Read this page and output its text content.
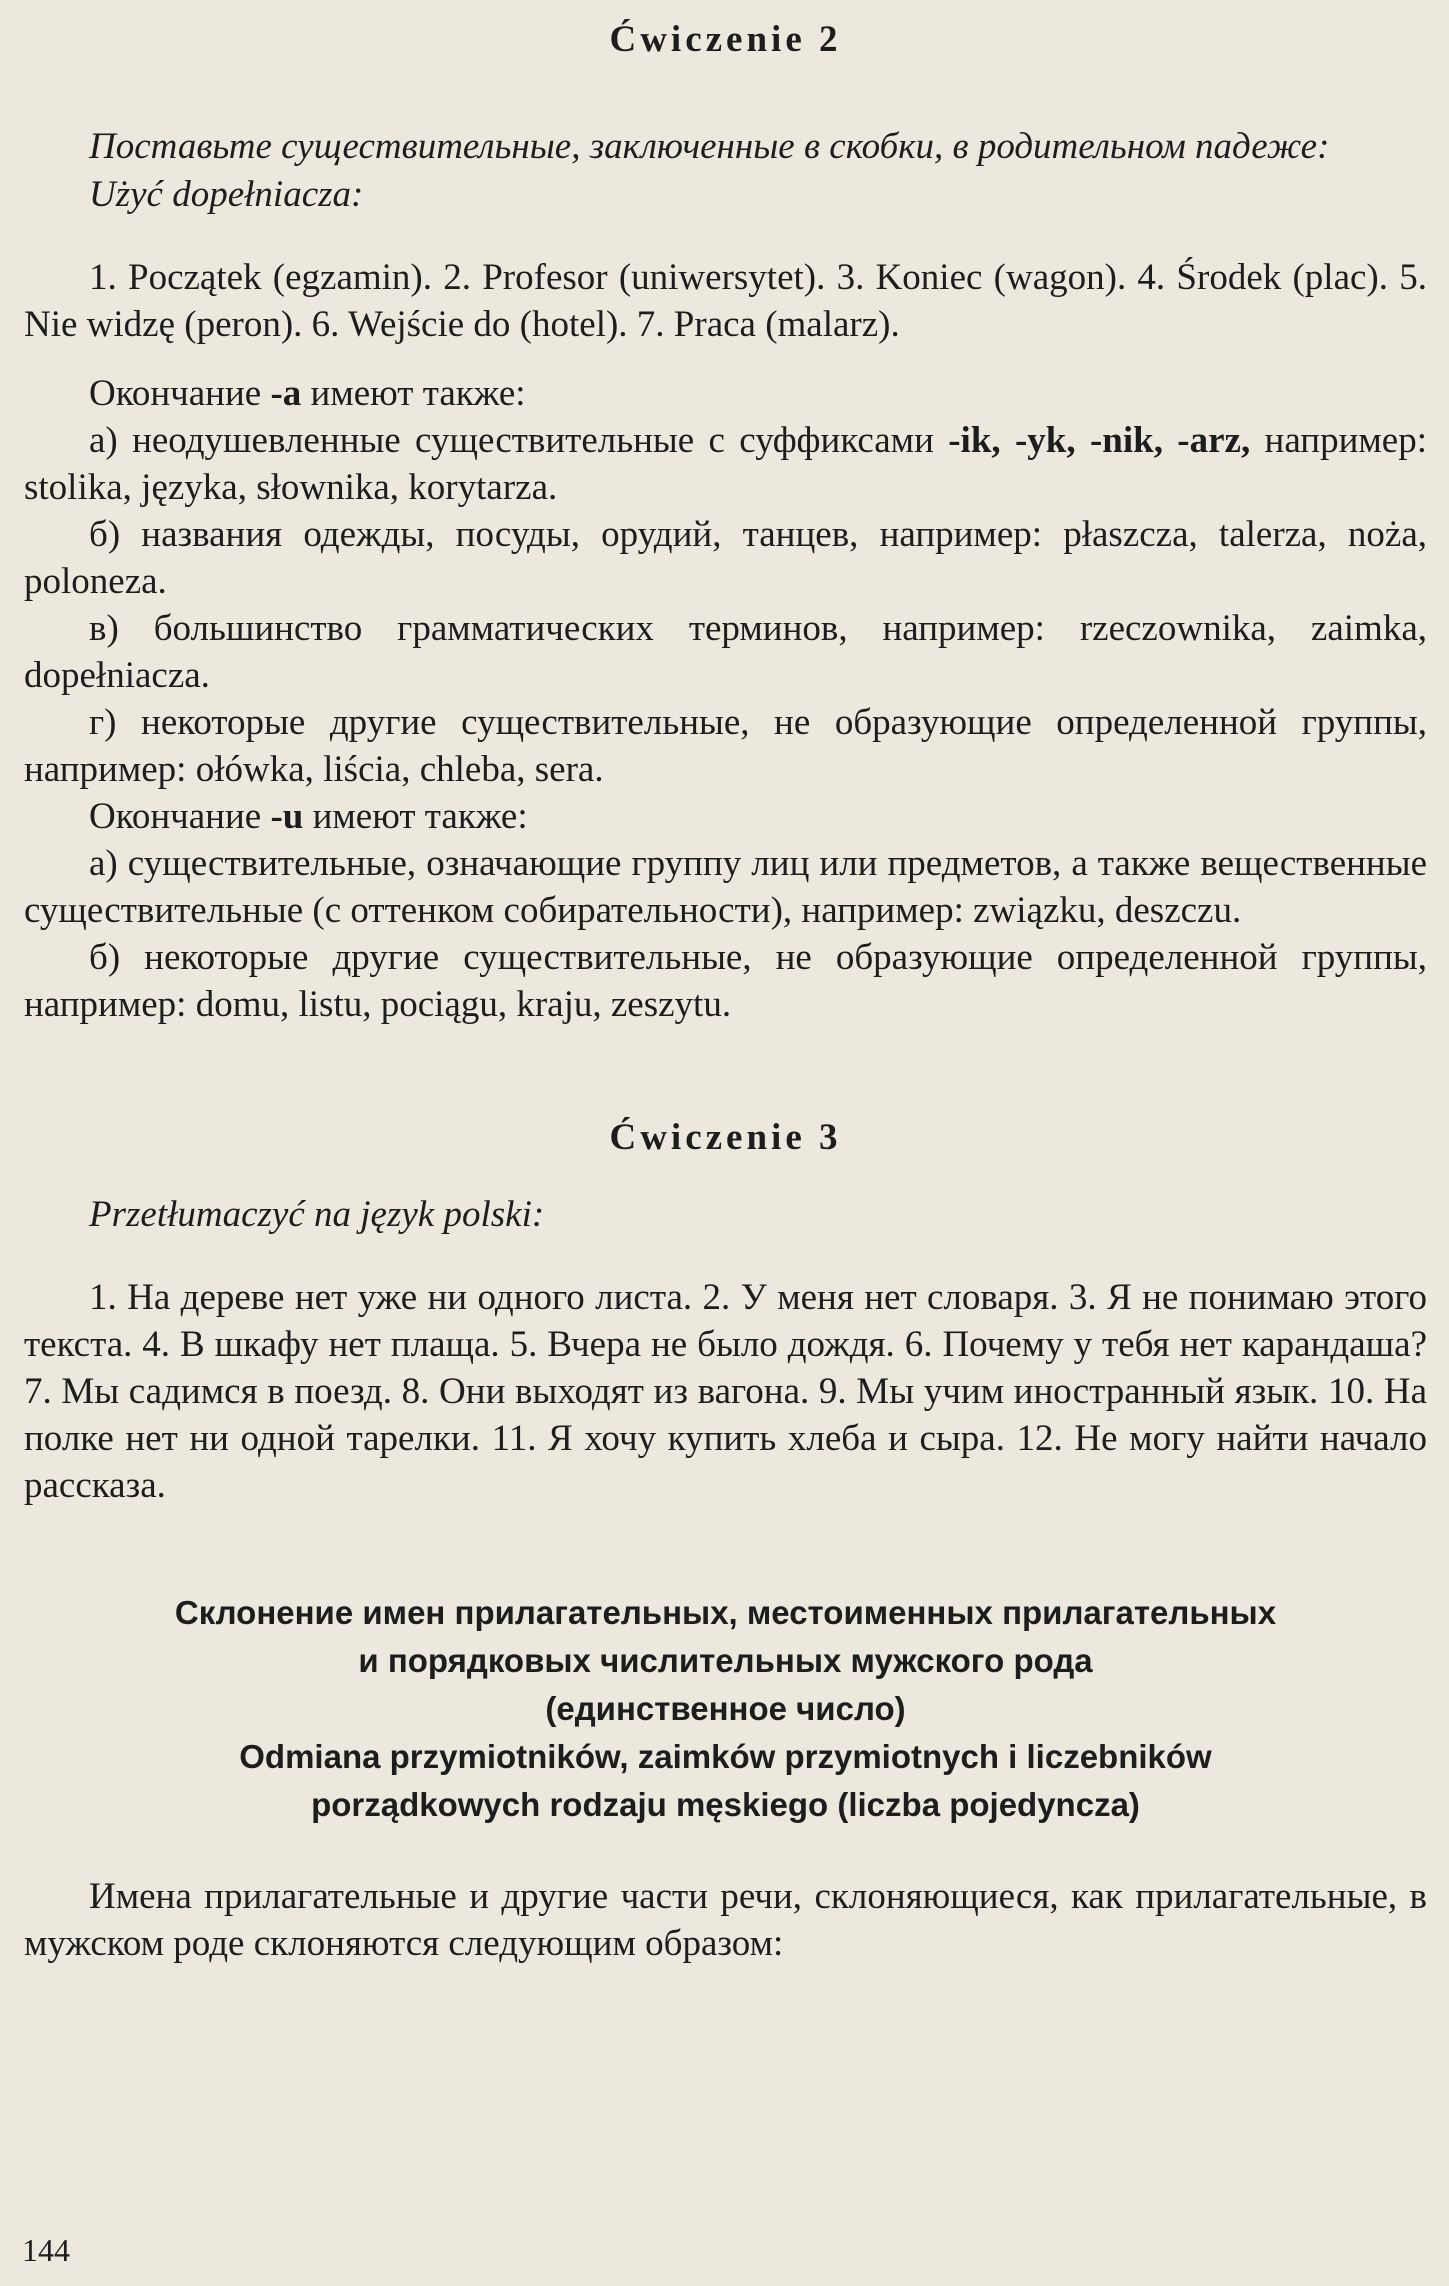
Ćwiczenie 2

Поставьте существительные, заключенные в скобки, в родительном падеже:

Użyć dopełniacza:

1. Początek (egzamin). 2. Profesor (uniwersytet). 3. Koniec (wagon). 4. Środek (plac). 5. Nie widzę (peron). 6. Wejście do (hotel). 7. Praca (malarz).

Окончание -a имеют также:

а) неодушевленные существительные с суффиксами -ik, -yk, -nik, -arz, например: stolika, języka, słownika, korytarza.

б) названия одежды, посуды, орудий, танцев, например: płaszcza, talerza, noża, poloneza.

в) большинство грамматических терминов, например: rzeczownika, zaimka, dopełniacza.

г) некоторые другие существительные, не образующие определенной группы, например: ołówka, liścia, chleba, sera.

Окончание -u имеют также:

а) существительные, означающие группу лиц или предметов, а также вещественные существительные (с оттенком собирательности), например: związku, deszczu.

б) некоторые другие существительные, не образующие определенной группы, например: domu, listu, pociągu, kraju, zeszytu.

Ćwiczenie 3

Przetłumaczyć na język polski:

1. На дереве нет уже ни одного листа. 2. У меня нет словаря. 3. Я не понимаю этого текста. 4. В шкафу нет плаща. 5. Вчера не было дождя. 6. Почему у тебя нет карандаша? 7. Мы садимся в поезд. 8. Они выходят из вагона. 9. Мы учим иностранный язык. 10. На полке нет ни одной тарелки. 11. Я хочу купить хлеба и сыра. 12. Не могу найти начало рассказа.

Склонение имен прилагательных, местоименных прилагательных
и порядковых числительных мужского рода
(единственное число)
Odmiana przymiotników, zaimków przymiotnych i liczebników
porządkowych rodzaju męskiego (liczba pojedyncza)

Имена прилагательные и другие части речи, склоняющиеся, как прилагательные, в мужском роде склоняются следующим образом:

144
